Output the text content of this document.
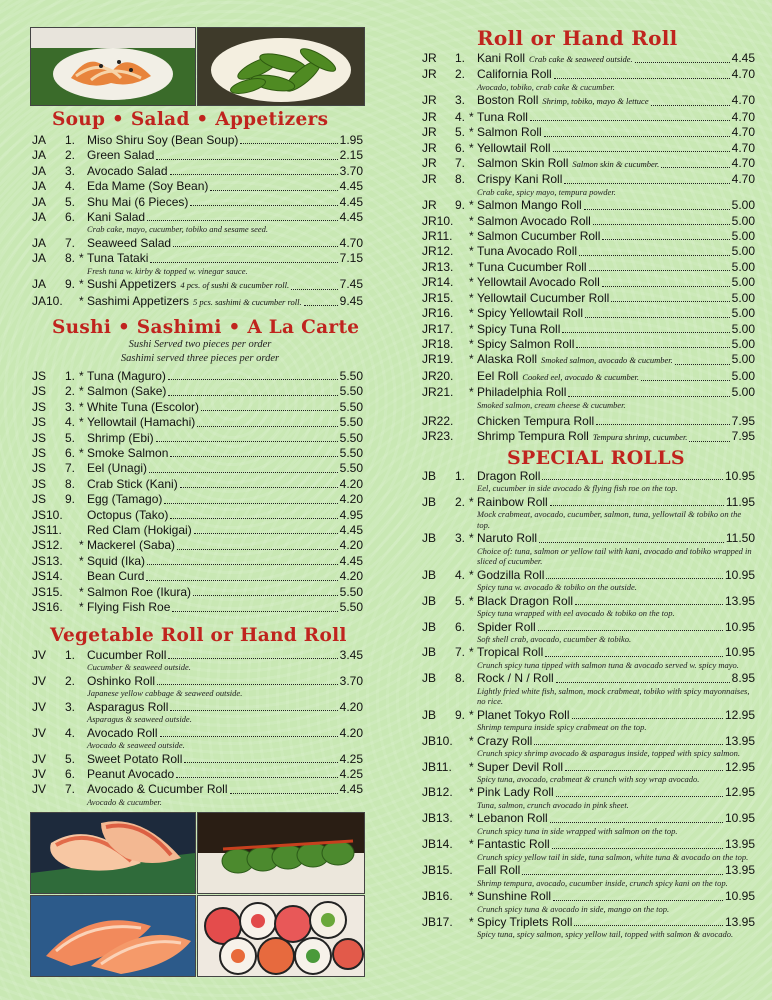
Soup • Salad • Appetizers
JA	1. Miso Shiru Soy (Bean Soup)	1.95
JA	2. Green Salad	2.15
JA	3. Avocado Salad	3.70
JA	4. Eda Mame (Soy Bean)	4.45
JA	5. Shu Mai (6 Pieces)	4.45
JA	6. Kani Salad	4.45
Crab cake, mayo, cucumber, tobiko and sesame seed.
JA	7. Seaweed Salad	4.70
JA	8. * Tuna Tataki	7.15
Fresh tuna w. kirby & topped w. vinegar sauce.
JA	9. * Sushi Appetizers 4 pcs. of sushi & cucumber roll.	7.45
JA10.	* Sashimi Appetizers 5 pcs. sashimi & cucumber roll.	9.45
Sushi • Sashimi • A La Carte
Sushi Served two pieces per order
Sashimi served three pieces per order
JS	1. * Tuna (Maguro)	5.50
JS	2. * Salmon (Sake)	5.50
JS	3. * White Tuna (Escolor)	5.50
JS	4. * Yellowtail (Hamachi)	5.50
JS	5. Shrimp (Ebi)	5.50
JS	6. * Smoke Salmon	5.50
JS	7. Eel (Unagi)	5.50
JS	8. Crab Stick (Kani)	4.20
JS	9. Egg (Tamago)	4.20
JS10.	Octopus (Tako)	4.95
JS11.	Red Clam (Hokigai)	4.45
JS12.	* Mackerel (Saba)	4.20
JS13.	* Squid (Ika)	4.45
JS14.	Bean Curd	4.20
JS15.	* Salmon Roe (Ikura)	5.50
JS16.	* Flying Fish Roe	5.50
Vegetable Roll or Hand Roll
JV	1. Cucumber Roll	3.45
Cucumber & seaweed outside.
JV	2. Oshinko Roll	3.70
Japanese yellow cabbage & seaweed outside.
JV	3. Asparagus Roll	4.20
Asparagus & seaweed outside.
JV	4. Avocado Roll	4.20
Avocado & seaweed outside.
JV	5. Sweet Potato Roll	4.25
JV	6. Peanut Avocado	4.25
JV	7. Avocado & Cucumber Roll	4.45
Avocado & cucumber.
Roll or Hand Roll
JR	1. Kani Roll Crab cake & seaweed outside.	4.45
JR	2. California Roll	4.70
Avocado, tobiko, crab cake & cucumber.
JR	3. Boston Roll Shrimp, tobiko, mayo & lettuce	4.70
JR	4. * Tuna Roll	4.70
JR	5. * Salmon Roll	4.70
JR	6. * Yellowtail Roll	4.70
JR	7. Salmon Skin Roll Salmon skin & cucumber.	4.70
JR	8. Crispy Kani Roll	4.70
Crab cake, spicy mayo, tempura powder.
JR	9. * Salmon Mango Roll	5.00
JR10.	* Salmon Avocado Roll	5.00
JR11.	* Salmon Cucumber Roll	5.00
JR12.	* Tuna Avocado Roll	5.00
JR13.	* Tuna Cucumber Roll	5.00
JR14.	* Yellowtail Avocado Roll	5.00
JR15.	* Yellowtail Cucumber Roll	5.00
JR16.	* Spicy Yellowtail Roll	5.00
JR17.	* Spicy Tuna Roll	5.00
JR18.	* Spicy Salmon Roll	5.00
JR19.	* Alaska Roll Smoked salmon, avocado & cucumber.	5.00
JR20.	Eel Roll Cooked eel, avocado & cucumber.	5.00
JR21.	* Philadelphia Roll	5.00
Smoked salmon, cream cheese & cucumber.
JR22.	Chicken Tempura Roll	7.95
JR23.	Shrimp Tempura Roll Tempura shrimp, cucumber.	7.95
SPECIAL ROLLS
JB	1. Dragon Roll	10.95
Eel, cucumber in side avocado & flying fish roe on the top.
JB	2. * Rainbow Roll	11.95
Mock crabmeat, avocado, cucumber, salmon, tuna, yellowtail & tobiko on the top.
JB	3. * Naruto Roll	11.50
Choice of: tuna, salmon or yellow tail with kani, avocado and tobiko wrapped in sliced of cucumber.
JB	4. * Godzilla Roll	10.95
Spicy tuna w. avocado & tobiko on the outside.
JB	5. * Black Dragon Roll	13.95
Spicy tuna wrapped with eel avocado & tobiko on the top.
JB	6. Spider Roll	10.95
Soft shell crab, avocado, cucumber & tobiko.
JB	7. * Tropical Roll	10.95
Crunch spicy tuna tipped with salmon tuna & avocado served w. spicy mayo.
JB	8. Rock / N / Roll	8.95
Lightly fried white fish, salmon, mock crabmeat, tobiko with spicy mayonnaises, no rice.
JB	9. * Planet Tokyo Roll	12.95
Shrimp tempura inside spicy crabmeat on the top.
JB10.	* Crazy Roll	13.95
Crunch spicy shrimp avocado & asparagus inside, topped with spicy salmon.
JB11.	* Super Devil Roll	12.95
Spicy tuna, avocado, crabmeat & crunch with soy wrap avocado.
JB12.	* Pink Lady Roll	12.95
Tuna, salmon, crunch avocado in pink sheet.
JB13.	* Lebanon Roll	10.95
Crunch spicy tuna in side wrapped with salmon on the top.
JB14.	* Fantastic Roll	13.95
Crunch spicy yellow tail in side, tuna salmon, white tuna & avocado on the top.
JB15.	Fall Roll	13.95
Shrimp tempura, avocado, cucumber inside, crunch spicy kani on the top.
JB16.	* Sunshine Roll	10.95
Crunch spicy tuna & avocado in side, mango on the top.
JB17.	* Spicy Triplets Roll	13.95
Spicy tuna, spicy salmon, spicy yellow tail, topped with salmon & avocado.
